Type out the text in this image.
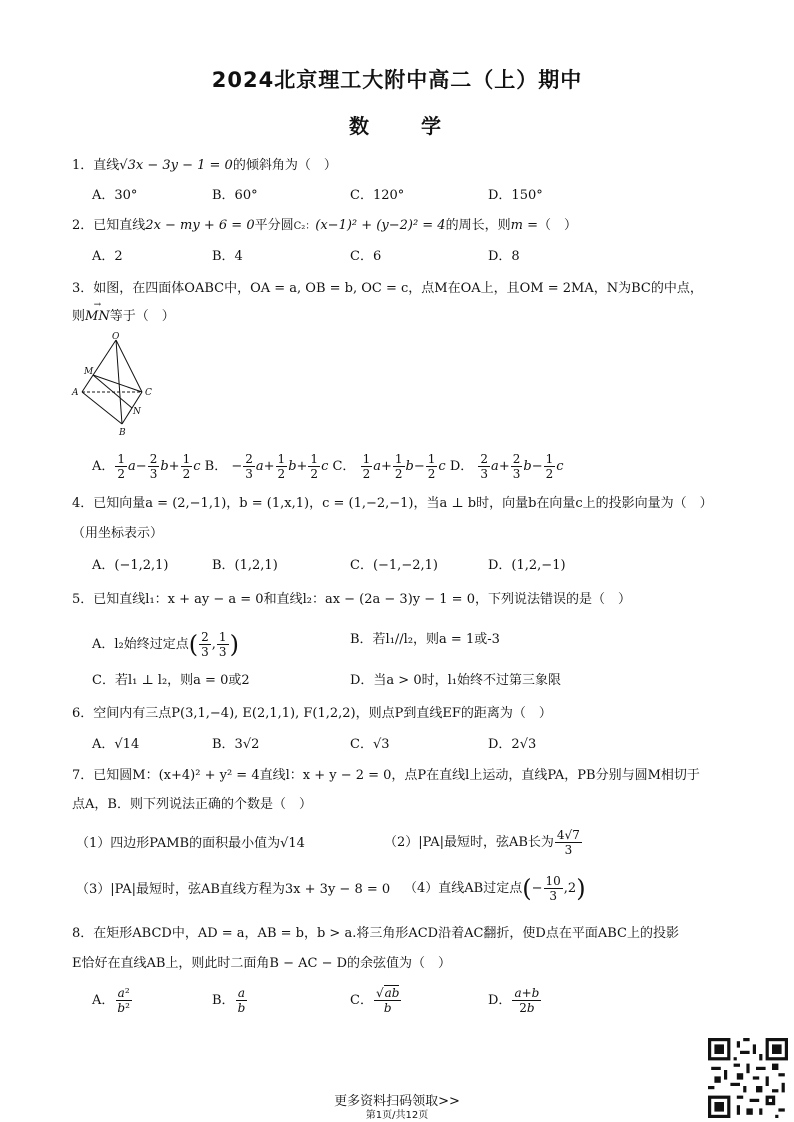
2024北京理工大附中高二（上）期中
数　　学
1．直线√3x − 3y − 1 = 0的倾斜角为（　）
A．30°	B．60°	C．120°	D．150°
2．已知直线2x − my + 6 = 0平分圆C₂：(x−1)² + (y−2)² = 4的周长，则m =（　）
A．2	B．4	C．6	D．8
3．如图，在四面体OABC中，OA = a, OB = b, OC = c，点M在OA上，且OM = 2MA，N为BC的中点，
则→ MN等于（　）
O
M
A	C
N
B
A． $\frac{1}{2} a- \frac{2}{3} b+ \frac{1}{2}$ c B． − $\frac{2}{3} a+ \frac{1}{2} b+ \frac{1}{2}$ c C． $\frac{1}{2} a+ \frac{1}{2} b- \frac{1}{2}$ c D． $\frac{2}{3} a+ \frac{2}{3} b- \frac{1}{2}$ c
4．已知向量a = (2,−1,1)，b = (1,x,1)，c = (1,−2,−1)，当a ⊥ b时，向量b在向量c上的投影向量为（　）
（用坐标表示）
A．(−1,2,1)	B．(1,2,1)	C．(−1,−2,1)	D．(1,2,−1)
5．已知直线l₁：x + ay − a = 0和直线l₂：ax − (2a − 3)y − 1 = 0，下列说法错误的是（　）
A．l₂始终过定点( $\frac{2}{3}$ , $\frac{1}{3}$ )	B．若l₁//l₂，则a = 1或-3
C．若l₁ ⊥ l₂，则a = 0或2	D．当a > 0时，l₁始终不过第三象限
6．空间内有三点P(3,1,−4), E(2,1,1), F(1,2,2)，则点P到直线EF的距离为（　）
A．√14	B．3√2	C．√3	D．2√3
7．已知圆M：(x+4)² + y² = 4直线l：x + y − 2 = 0，点P在直线l上运动，直线PA，PB分别与圆M相切于
点A，B．则下列说法正确的个数是（　）
（1）四边形PAMB的面积最小值为√14	（2）|PA|最短时，弦AB长为 $\frac{4√7}{3}$
（3）|PA|最短时，弦AB直线方程为3x + 3y − 8 = 0 （4）直线AB过定点(− $\frac{10}{3} ,2$)
8．在矩形ABCD中，AD = a，AB = b，b > a.将三角形ACD沿着AC翻折，使D点在平面ABC上的投影
E恰好在直线AB上，则此时二面角B − AC − D的余弦值为（　）
A． $\frac{\text{a²}}{\text{b²}}$	B． $\frac{a}{b}$	C． $\frac{√ab}{b}$	D． $\frac{a+b}{2b}$
更多资料扫码领取>>
第1页/共12页
